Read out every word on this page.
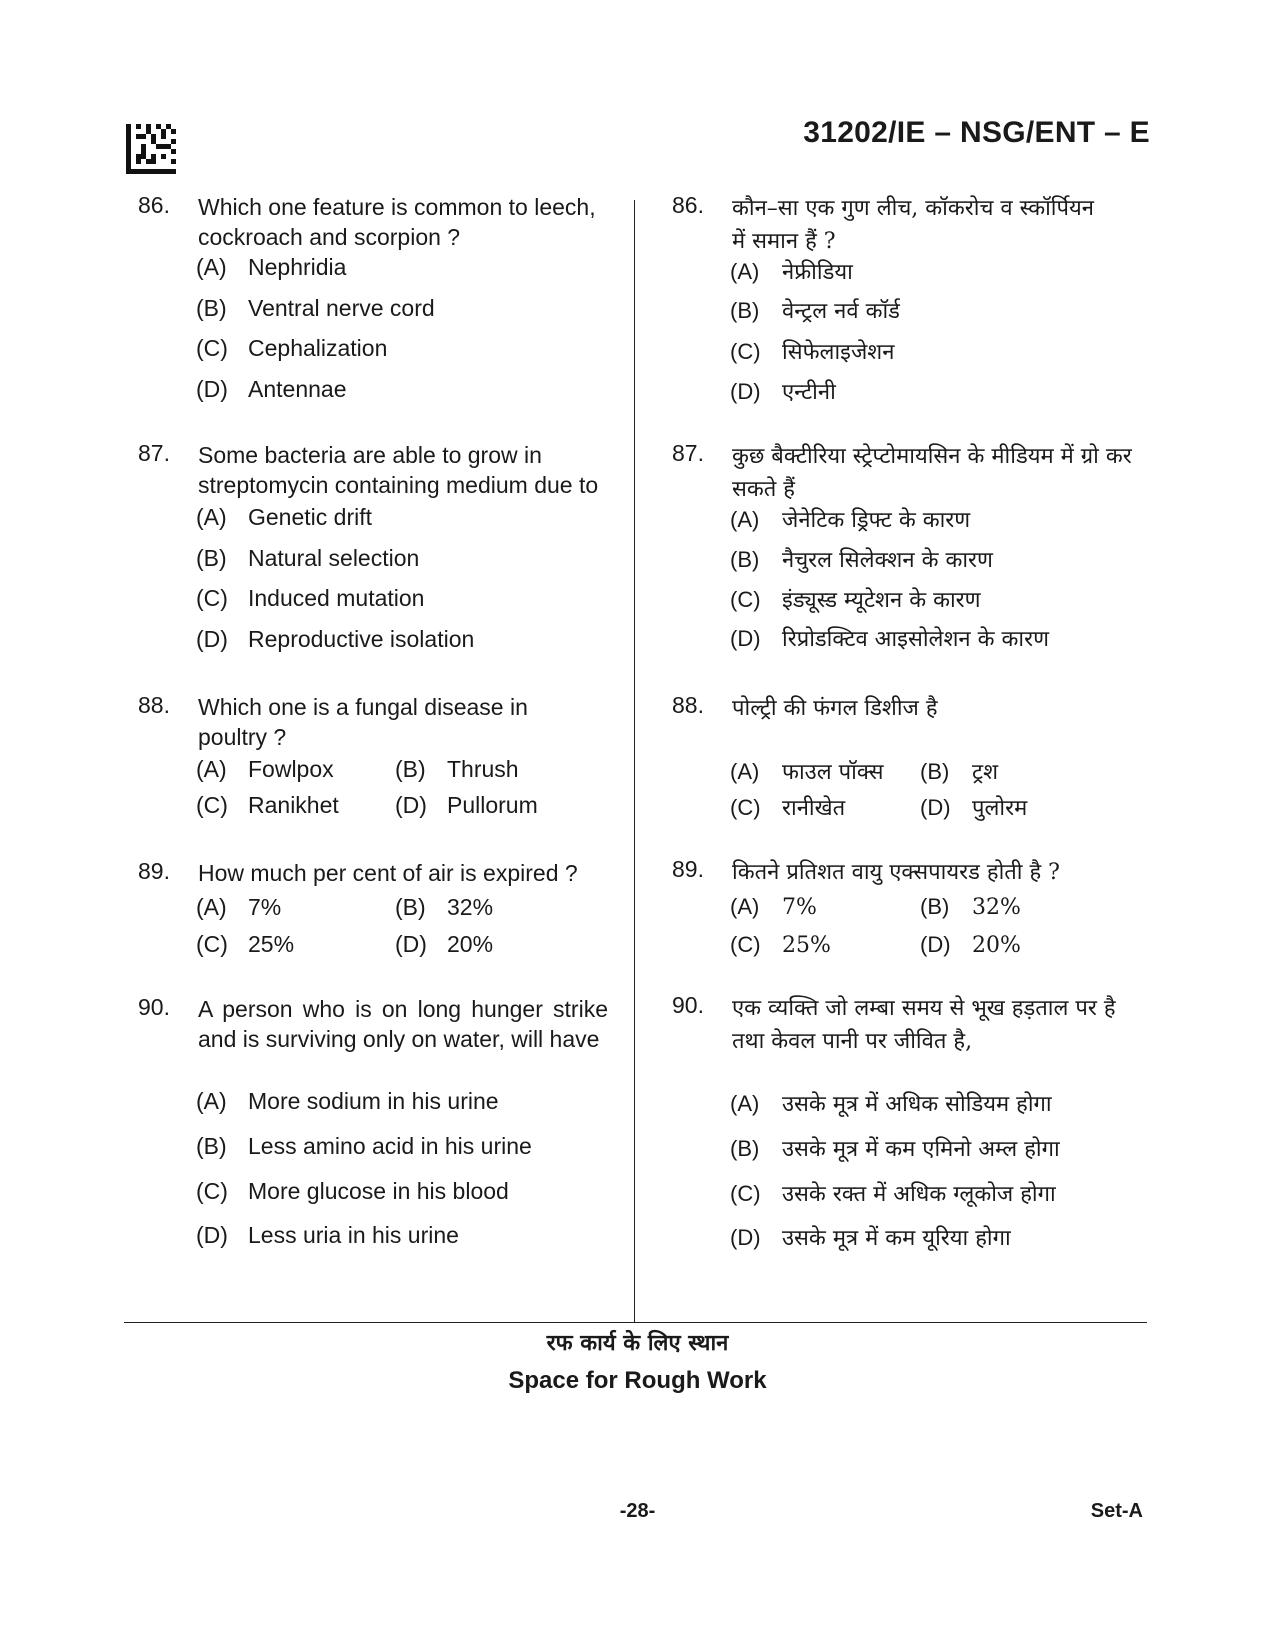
31202/IE – NSG/ENT – E
86. Which one feature is common to leech, cockroach and scorpion ?
(A) Nephridia
(B) Ventral nerve cord
(C) Cephalization
(D) Antennae
87. Some bacteria are able to grow in streptomycin containing medium due to
(A) Genetic drift
(B) Natural selection
(C) Induced mutation
(D) Reproductive isolation
88. Which one is a fungal disease in poultry ?
(A) Fowlpox	(B) Thrush
(C) Ranikhet (D) Pullorum
89. How much per cent of air is expired ?
(A) 7%	(B) 32%
(C) 25%	(D) 20%
90. A person who is on long hunger strike and is surviving only on water, will have
(A) More sodium in his urine
(B) Less amino acid in his urine
(C) More glucose in his blood
(D) Less uria in his urine
86. कौन–सा एक गुण लीच, कॉकरोच व स्कॉर्पियन में समान हैं ?
(A) नेफ्रीडिया
(B) वेन्ट्रल नर्व कॉर्ड
(C) सिफेलाइजेशन
(D) एन्टीनी
87. कुछ बैक्टीरिया स्ट्रेप्टोमायसिन के मीडियम में ग्रो कर सकते हैं
(A) जेनेटिक ड्रिफ्ट के कारण
(B) नैचुरल सिलेक्शन के कारण
(C) इंड्यूस्ड म्यूटेशन के कारण
(D) रिप्रोडक्टिव आइसोलेशन के कारण
88. पोल्ट्री की फंगल डिशीज है
(A) फाउल पॉक्स (B) ट्रश
(C) रानीखेत	(D) पुलोरम
89. कितने प्रतिशत वायु एक्सपायरड होती है ?
(A) 7%	(B) 32%
(C) 25%	(D) 20%
90. एक व्यक्ति जो लम्बा समय से भूख हड़ताल पर है तथा केवल पानी पर जीवित है,
(A) उसके मूत्र में अधिक सोडियम होगा
(B) उसके मूत्र में कम एमिनो अम्ल होगा
(C) उसके रक्त में अधिक ग्लूकोज होगा
(D) उसके मूत्र में कम यूरिया होगा
रफ कार्य के लिए स्थान
Space for Rough Work
-28-	Set-A
